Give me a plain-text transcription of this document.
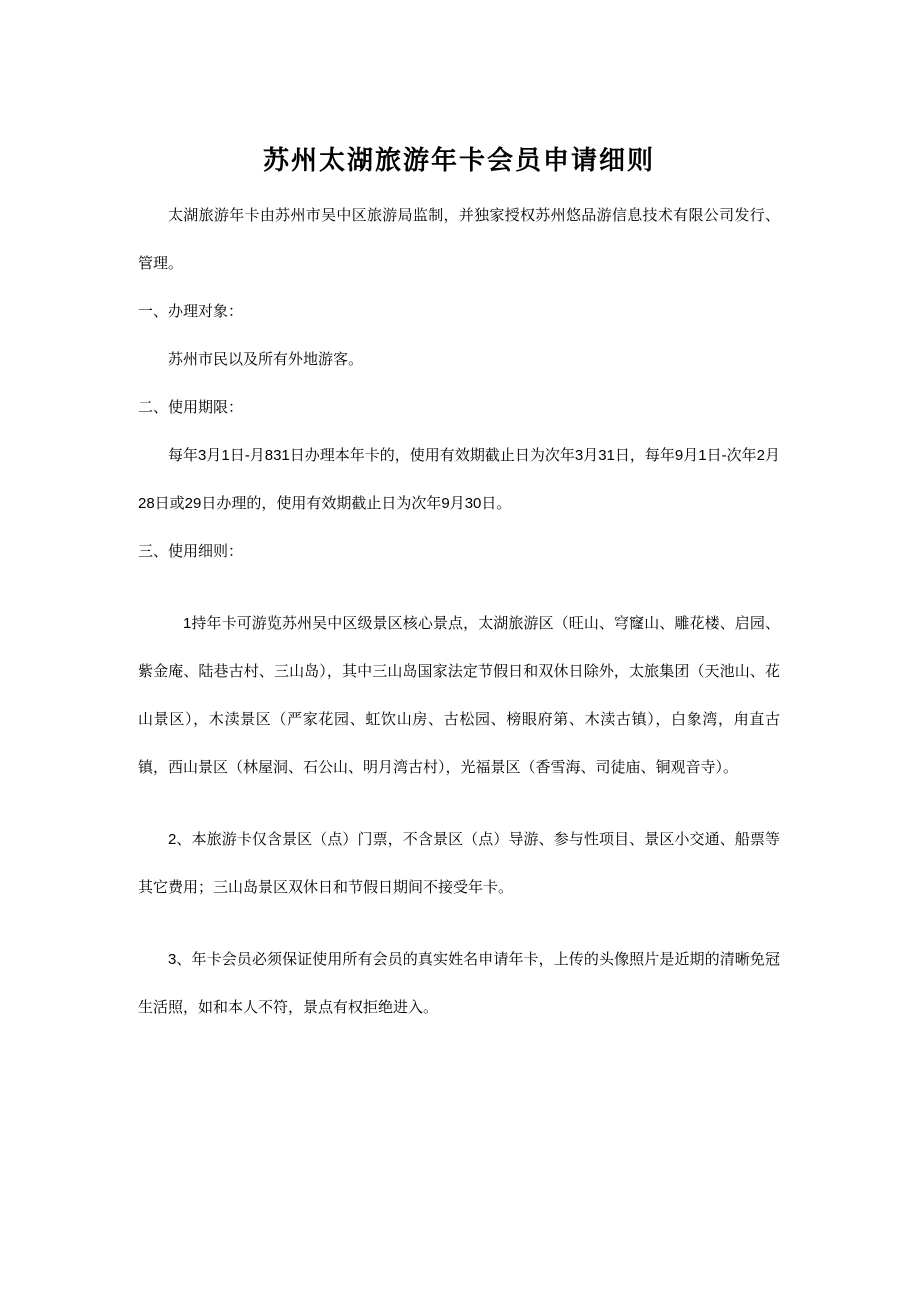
苏州太湖旅游年卡会员申请细则

太湖旅游年卡由苏州市吴中区旅游局监制，并独家授权苏州悠品游信息技术有限公司发行、管理。

一、办理对象：

苏州市民以及所有外地游客。

二、使用期限：

每年3月1日-月831日办理本年卡的，使用有效期截止日为次年3月31日，每年9月1日-次年2月28日或29日办理的，使用有效期截止日为次年9月30日。

三、使用细则：

1持年卡可游览苏州吴中区级景区核心景点，太湖旅游区（旺山、穹窿山、雕花楼、启园、紫金庵、陆巷古村、三山岛），其中三山岛国家法定节假日和双休日除外，太旅集团（天池山、花山景区），木渎景区（严家花园、虹饮山房、古松园、榜眼府第、木渎古镇），白象湾，甪直古镇，西山景区（林屋洞、石公山、明月湾古村），光福景区（香雪海、司徒庙、铜观音寺）。

2、本旅游卡仅含景区（点）门票，不含景区（点）导游、参与性项目、景区小交通、船票等其它费用；三山岛景区双休日和节假日期间不接受年卡。

3、年卡会员必须保证使用所有会员的真实姓名申请年卡，上传的头像照片是近期的清晰免冠生活照，如和本人不符，景点有权拒绝进入。
